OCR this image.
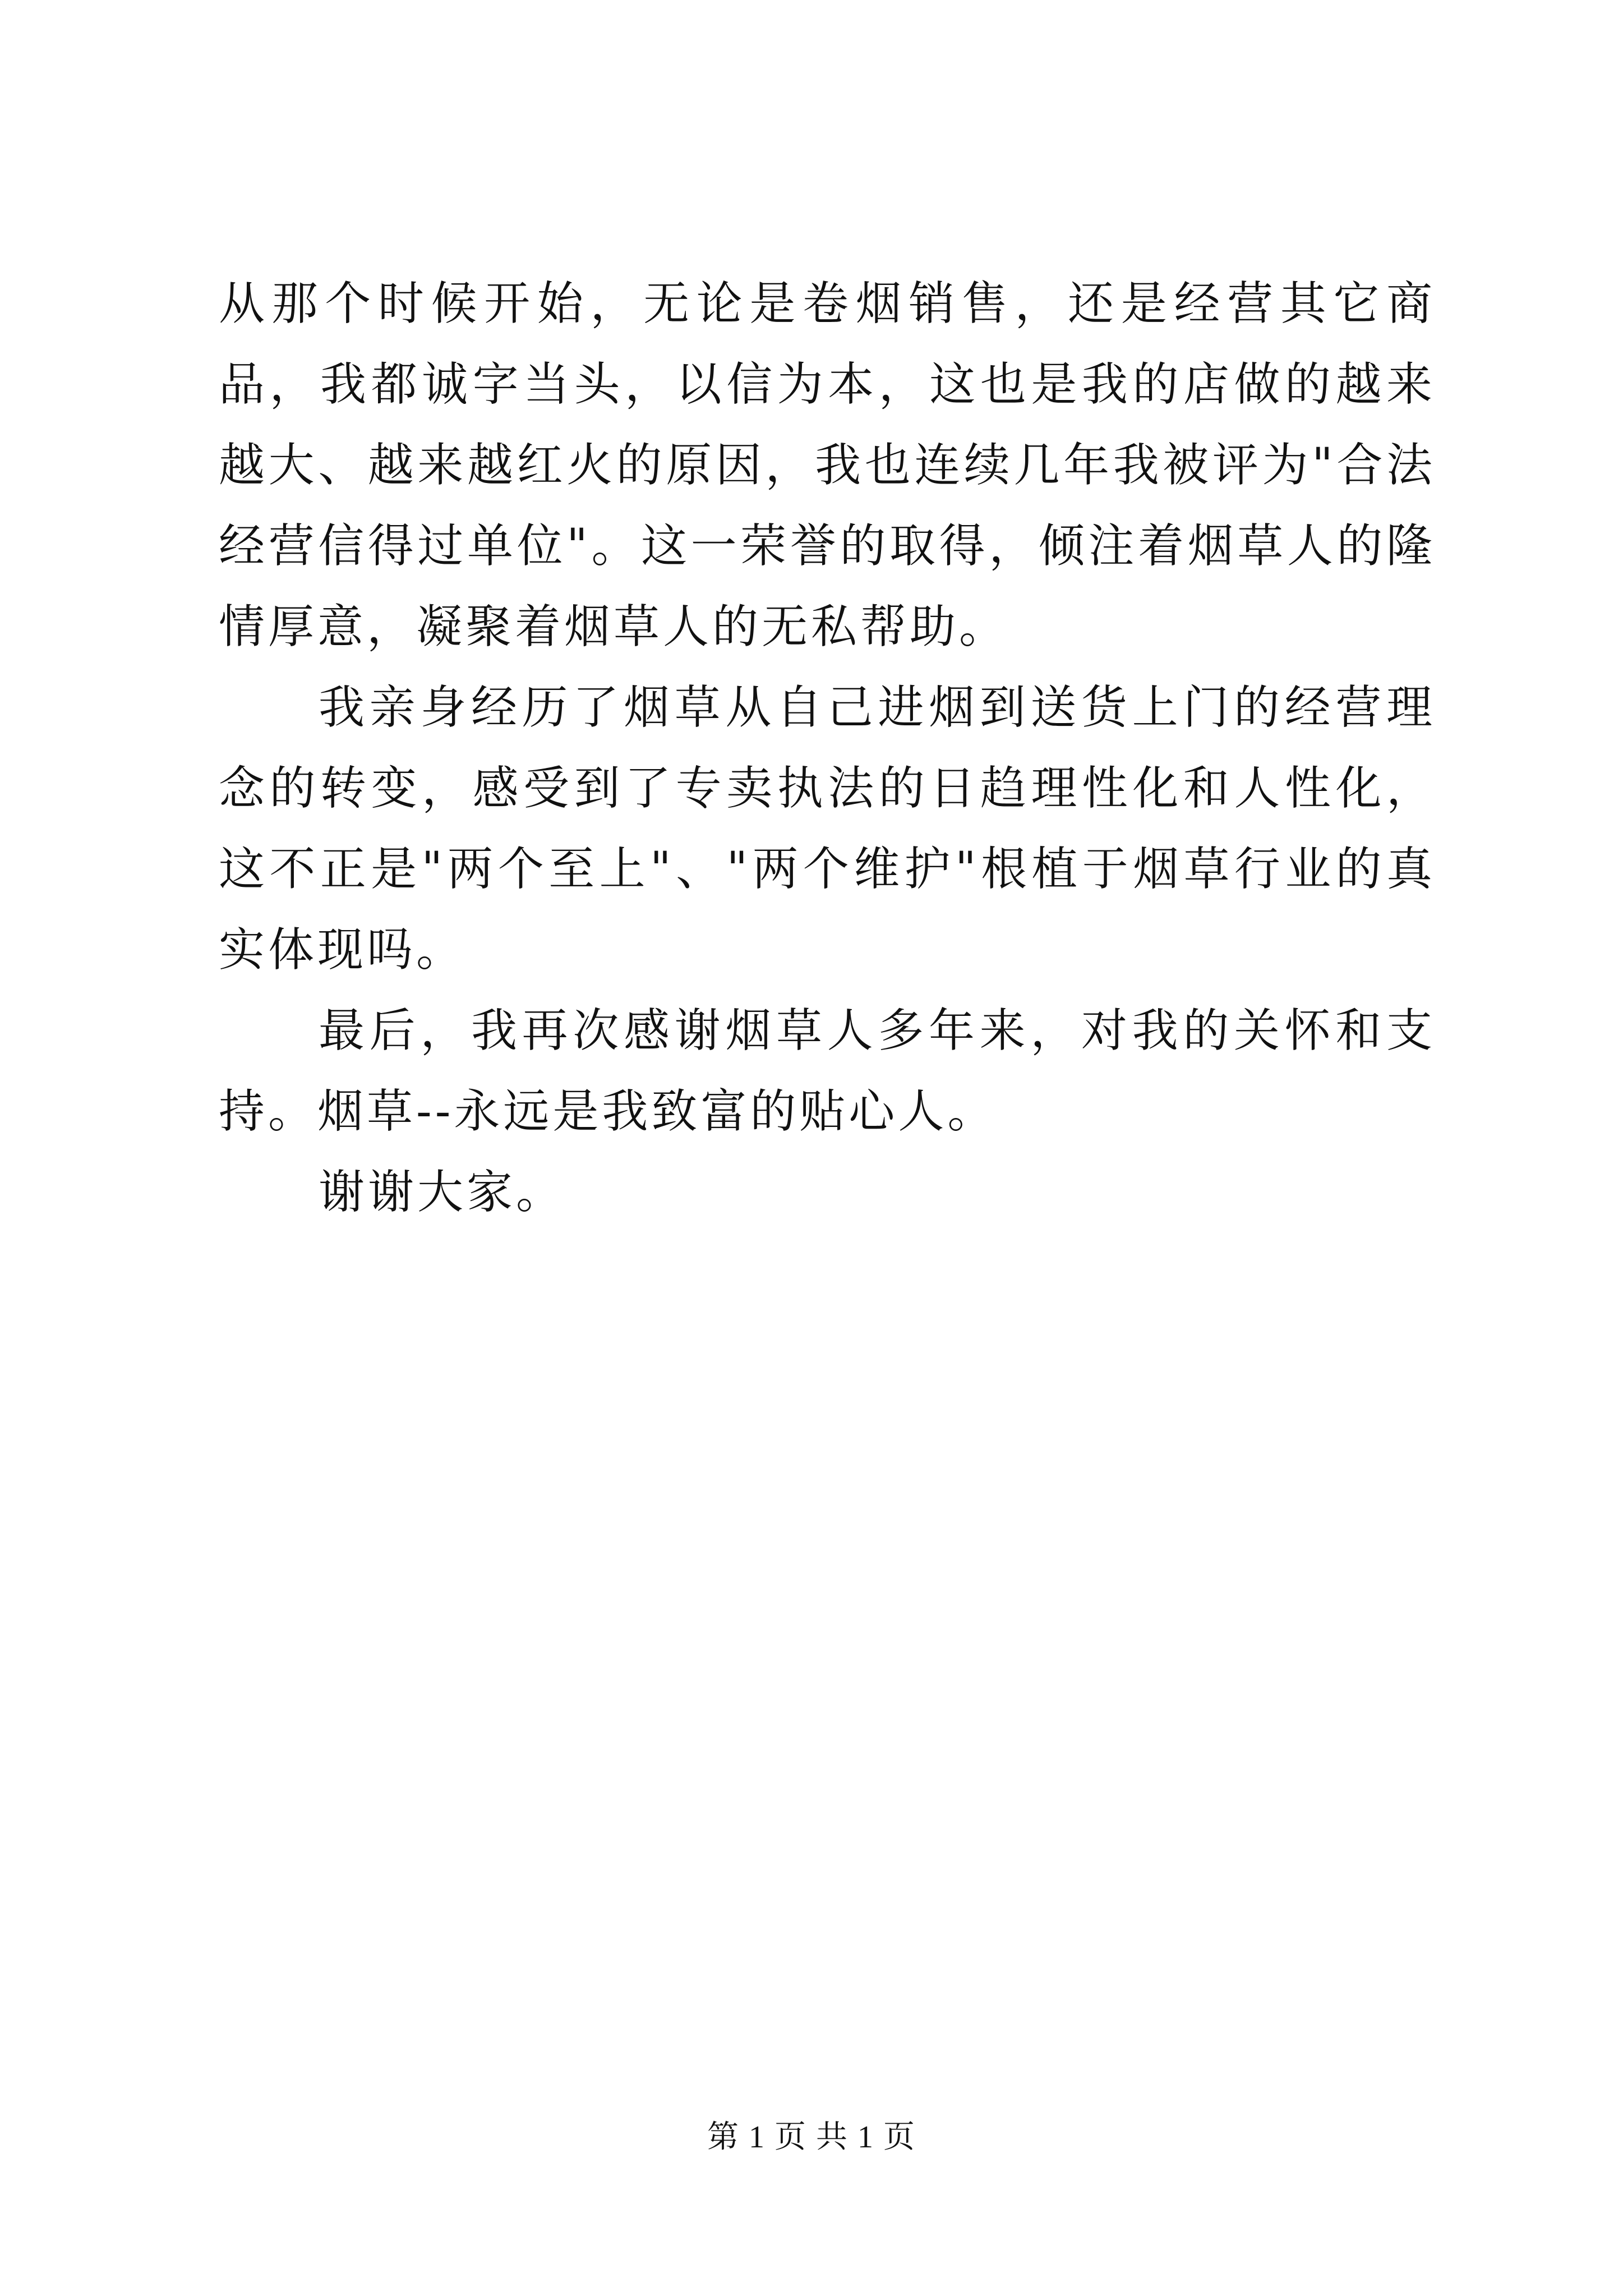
从那个时候开始，无论是卷烟销售，还是经营其它商品，我都诚字当头，以信为本，这也是我的店做的越来越大、越来越红火的原因，我也连续几年我被评为"合法经营信得过单位"。这一荣誉的取得，倾注着烟草人的隆情厚意，凝聚着烟草人的无私帮助。

我亲身经历了烟草从自己进烟到送货上门的经营理念的转变，感受到了专卖执法的日趋理性化和人性化，这不正是"两个至上"、"两个维护"根植于烟草行业的真实体现吗。

最后，我再次感谢烟草人多年来，对我的关怀和支持。烟草--永远是我致富的贴心人。

谢谢大家。

第 1 页 共 1 页
